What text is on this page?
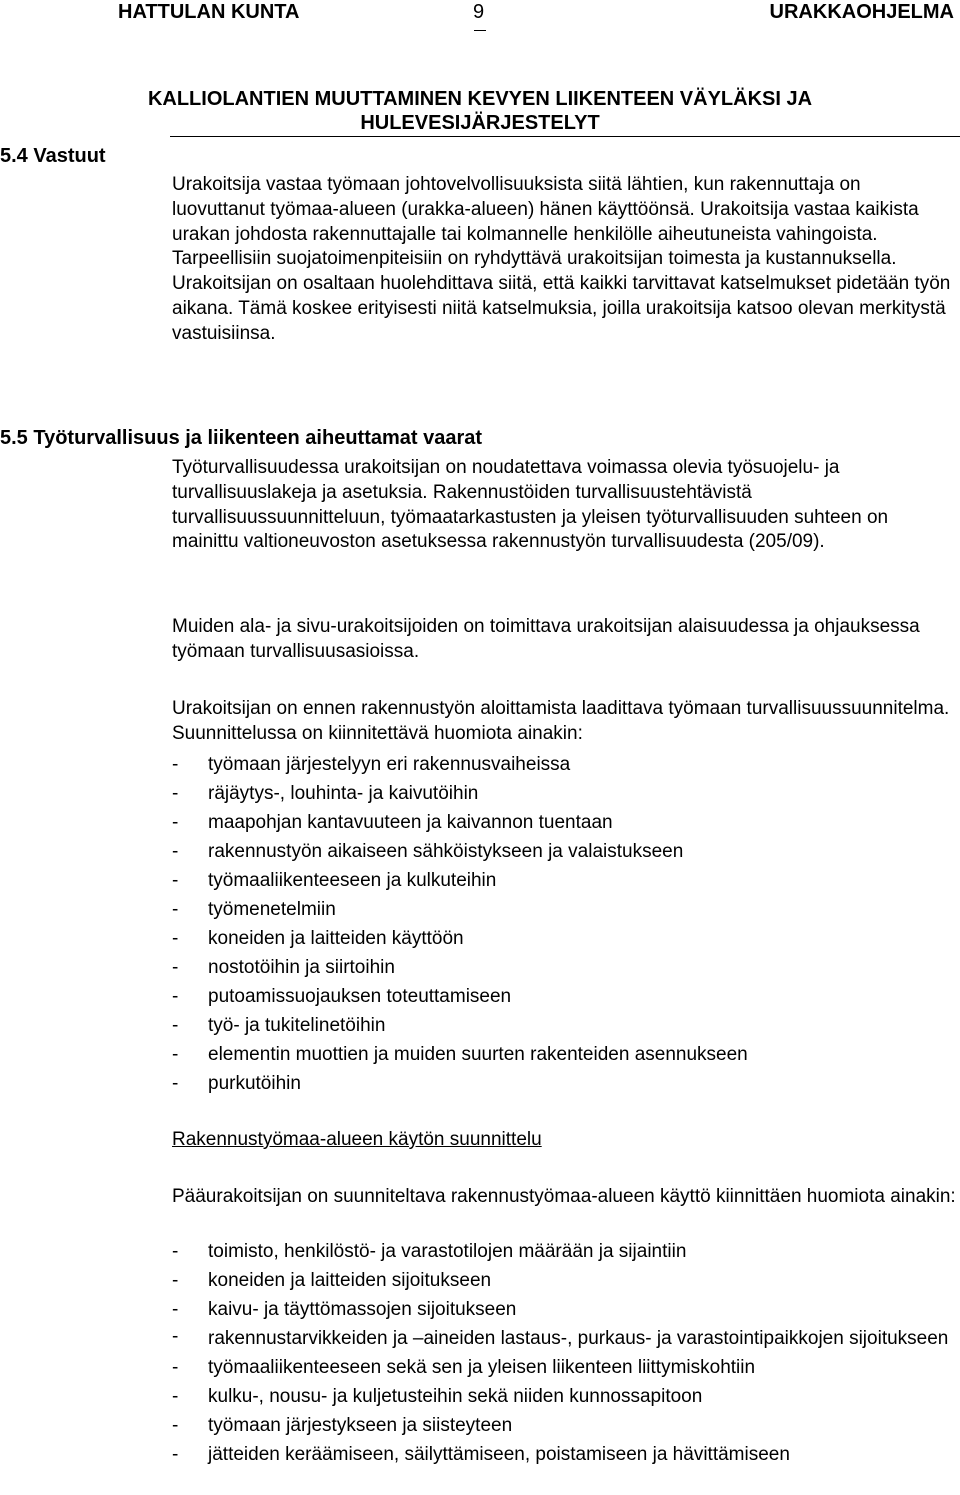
HATTULAN KUNTA	9	URAKKAOHJELMA
KALLIOLANTIEN MUUTTAMINEN KEVYEN LIIKENTEEN VÄYLÄKSI JA
HULEVESIJÄRJESTELYT
5.4 Vastuut

Urakoitsija vastaa työmaan johtovelvollisuuksista siitä lähtien, kun rakennuttaja on luovuttanut työmaa-alueen (urakka-alueen) hänen käyttöönsä. Urakoitsija vastaa kaikista urakan johdosta rakennuttajalle tai kolmannelle henkilölle aiheutuneista vahingoista. Tarpeellisiin suojatoimenpiteisiin on ryhdyttävä urakoitsijan toimesta ja kustannuksella. Urakoitsijan on osaltaan huolehdittava siitä, että kaikki tarvittavat katselmukset pidetään työn aikana. Tämä koskee erityisesti niitä katselmuksia, joilla urakoitsija katsoo olevan merkitystä vastuisiinsa.

5.5 Työturvallisuus ja liikenteen aiheuttamat vaarat

Työturvallisuudessa urakoitsijan on noudatettava voimassa olevia työsuojelu- ja turvallisuuslakeja ja asetuksia. Rakennustöiden turvallisuustehtävistä turvallisuussuunnitteluun, työmaatarkastusten ja yleisen työturvallisuuden suhteen on mainittu valtioneuvoston asetuksessa rakennustyön turvallisuudesta (205/09).

Muiden ala- ja sivu-urakoitsijoiden on toimittava urakoitsijan alaisuudessa ja ohjauksessa työmaan turvallisuusasioissa.

Urakoitsijan on ennen rakennustyön aloittamista laadittava työmaan turvallisuussuunnitelma. Suunnittelussa on kiinnitettävä huomiota ainakin:

- työmaan järjestelyyn eri rakennusvaiheissa
- räjäytys-, louhinta- ja kaivutöihin
- maapohjan kantavuuteen ja kaivannon tuentaan
- rakennustyön aikaiseen sähköistykseen ja valaistukseen
- työmaaliikenteeseen ja kulkuteihin
- työmenetelmiin
- koneiden ja laitteiden käyttöön
- nostotöihin ja siirtoihin
- putoamissuojauksen toteuttamiseen
- työ- ja tukitelinetöihin
- elementin muottien ja muiden suurten rakenteiden asennukseen
- purkutöihin
Rakennustyömaa-alueen käytön suunnittelu

Pääurakoitsijan on suunniteltava rakennustyömaa-alueen käyttö kiinnittäen huomiota ainakin:

- toimisto, henkilöstö- ja varastotilojen määrään ja sijaintiin
- koneiden ja laitteiden sijoitukseen
- kaivu- ja täyttömassojen sijoitukseen
- rakennustarvikkeiden ja –aineiden lastaus-, purkaus- ja varastointipaikkojen sijoitukseen
- työmaaliikenteeseen sekä sen ja yleisen liikenteen liittymiskohtiin
- kulku-, nousu- ja kuljetusteihin sekä niiden kunnossapitoon
- työmaan järjestykseen ja siisteyteen
- jätteiden keräämiseen, säilyttämiseen, poistamiseen ja hävittämiseen
